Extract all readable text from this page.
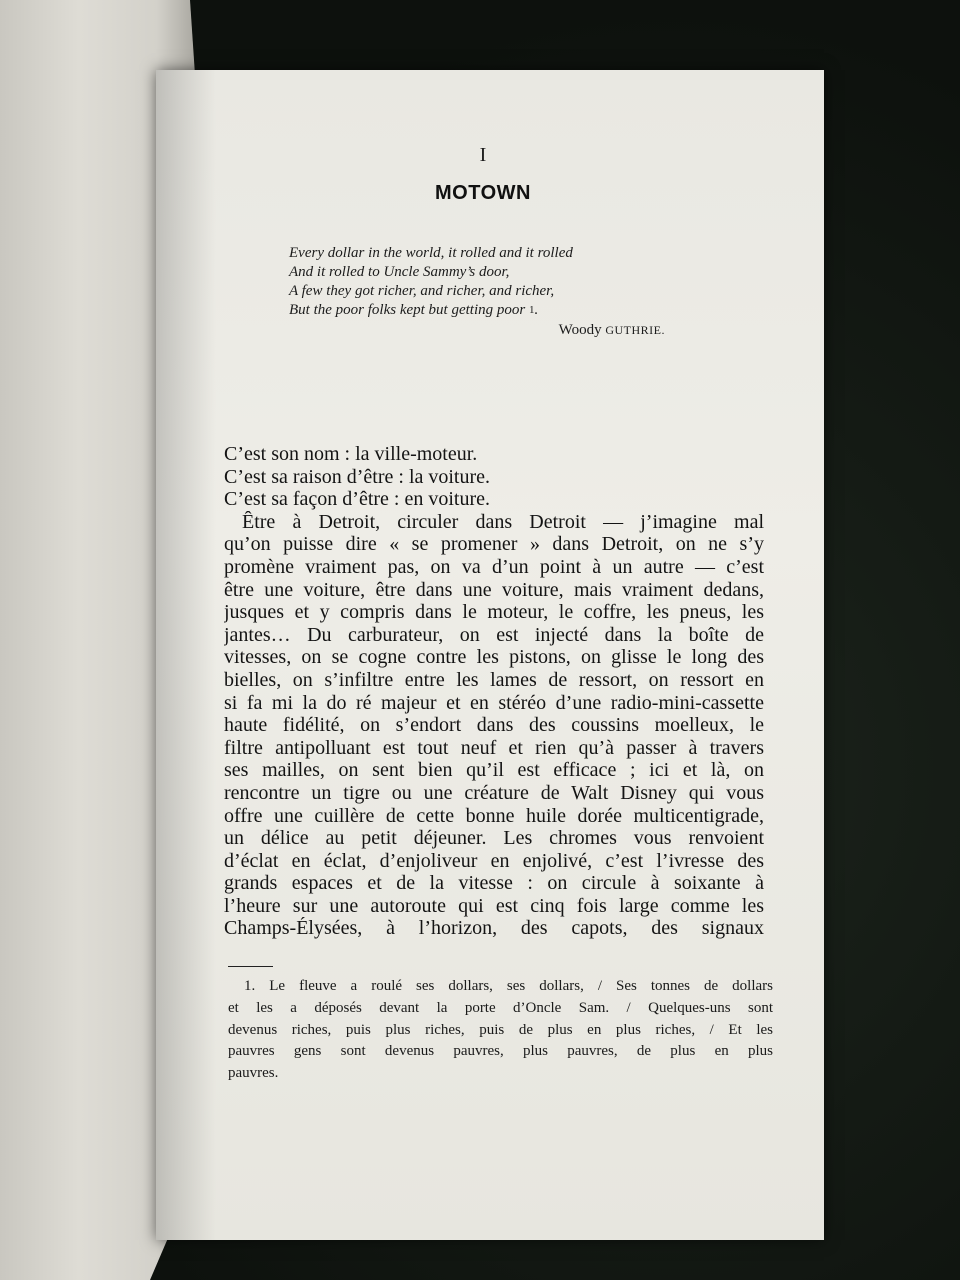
I
MOTOWN
Every dollar in the world, it rolled and it rolled
And it rolled to Uncle Sammy’s door,
A few they got richer, and richer, and richer,
But the poor folks kept but getting poor 1.
Woody GUTHRIE.
C’est son nom : la ville-moteur.
C’est sa raison d’être : la voiture.
C’est sa façon d’être : en voiture.
Être à Detroit, circuler dans Detroit — j’imagine mal
qu’on puisse dire « se promener » dans Detroit, on ne s’y
promène vraiment pas, on va d’un point à un autre — c’est
être une voiture, être dans une voiture, mais vraiment dedans,
jusques et y compris dans le moteur, le coffre, les pneus, les
jantes… Du carburateur, on est injecté dans la boîte de
vitesses, on se cogne contre les pistons, on glisse le long des
bielles, on s’infiltre entre les lames de ressort, on ressort en
si fa mi la do ré majeur et en stéréo d’une radio-mini-cassette
haute fidélité, on s’endort dans des coussins moelleux, le
filtre antipolluant est tout neuf et rien qu’à passer à travers
ses mailles, on sent bien qu’il est efficace ; ici et là, on
rencontre un tigre ou une créature de Walt Disney qui vous
offre une cuillère de cette bonne huile dorée multicentigrade,
un délice au petit déjeuner. Les chromes vous renvoient
d’éclat en éclat, d’enjoliveur en enjolivé, c’est l’ivresse des
grands espaces et de la vitesse : on circule à soixante à
l’heure sur une autoroute qui est cinq fois large comme les
Champs-Élysées, à l’horizon, des capots, des signaux
1. Le fleuve a roulé ses dollars, ses dollars, / Ses tonnes de dollars
et les a déposés devant la porte d’Oncle Sam. / Quelques-uns sont
devenus riches, puis plus riches, puis de plus en plus riches, / Et les
pauvres gens sont devenus pauvres, plus pauvres, de plus en plus
pauvres.
